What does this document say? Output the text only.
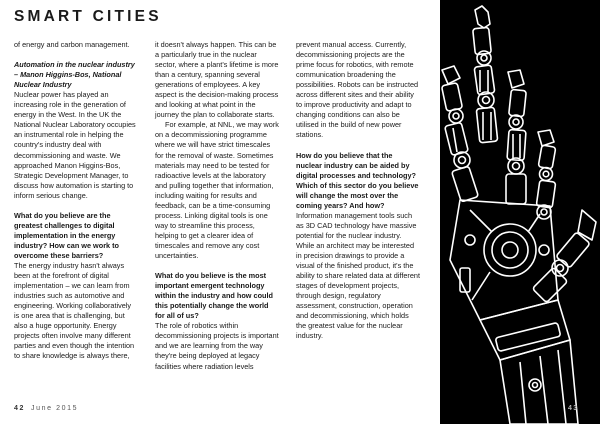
SMART CITIES

of energy and carbon management.

Automation in the nuclear industry – Manon Higgins-Bos, National Nuclear Industry

Nuclear power has played an increasing role in the generation of energy in the West. In the UK the National Nuclear Laboratory occupies an instrumental role in helping the country's industry deal with decommissioning and waste. We approached Manon Higgins-Bos, Strategic Development Manager, to discuss how automation is starting to inform serious change.

What do you believe are the greatest challenges to digital implementation in the energy industry? How can we work to overcome these barriers?

The energy industry hasn't always been at the forefront of digital implementation – we can learn from industries such as automotive and engineering. Working collaboratively is one area that is challenging, but also a huge opportunity. Energy projects often involve many different parties and even though the intention to share knowledge is always there,

it doesn't always happen. This can be a particularly true in the nuclear sector, where a plant's lifetime is more than a century, spanning several generations of employees. A key aspect is the decision-making process and looking at what point in the journey the plan to collaborate starts.

For example, at NNL, we may work on a decommissioning programme where we will have strict timescales for the removal of waste. Sometimes materials may need to be tested for radioactive levels at the laboratory and pulling together that information, including waiting for results and feedback, can be a time-consuming process. Linking digital tools is one way to streamline this process, helping to get a clearer idea of timescales and remove any cost uncertainties.

What do you believe is the most important emergent technology within the industry and how could this potentially change the world for all of us?

The role of robotics within decommissioning projects is important and we are learning from the way they're being deployed at legacy facilities where radiation levels

prevent manual access. Currently, decommissioning projects are the prime focus for robotics, with remote communication broadening the possibilities. Robots can be instructed across different sites and their ability to improve productivity and adapt to changing conditions can also be utilised in the build of new power stations.

How do you believe that the nuclear industry can be aided by digital processes and technology? Which of this sector do you believe will change the most over the coming years? And how?

Information management tools such as 3D CAD technology have massive potential for the nuclear industry. While an architect may be interested in precision drawings to provide a visual of the finished product, it's the ability to share related data at different stages of development projects, through design, regulatory assessment, construction, operation and decommissioning, which holds the greatest value for the nuclear industry.

42 June 2015	43
